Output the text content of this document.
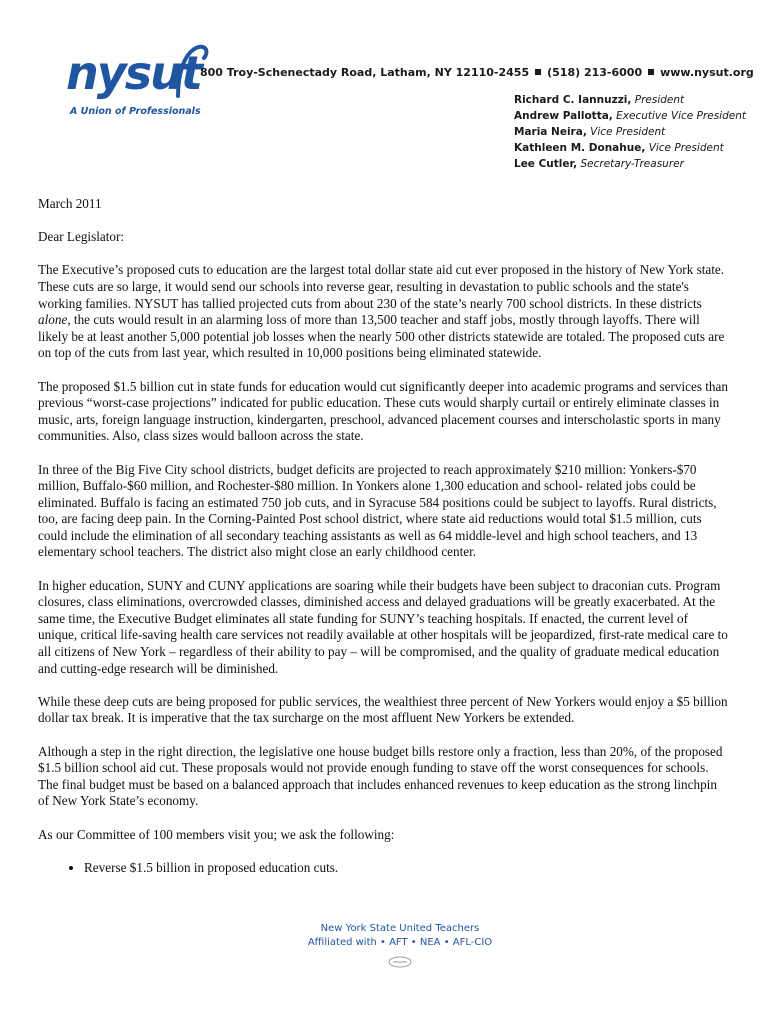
nysut
A Union of Professionals
800 Troy-Schenectady Road, Latham, NY 12110-2455 (518) 213-6000 www.nysut.org
Richard C. Iannuzzi, President
Andrew Pallotta, Executive Vice President
Maria Neira, Vice President
Kathleen M. Donahue, Vice President
Lee Cutler, Secretary-Treasurer

March 2011

Dear Legislator:

The Executive’s proposed cuts to education are the largest total dollar state aid cut ever proposed in the history of New York state. These cuts are so large, it would send our schools into reverse gear, resulting in devastation to public schools and the state's working families. NYSUT has tallied projected cuts from about 230 of the state’s nearly 700 school districts. In these districts alone, the cuts would result in an alarming loss of more than 13,500 teacher and staff jobs, mostly through layoffs. There will likely be at least another 5,000 potential job losses when the nearly 500 other districts statewide are totaled. The proposed cuts are on top of the cuts from last year, which resulted in 10,000 positions being eliminated statewide.

The proposed $1.5 billion cut in state funds for education would cut significantly deeper into academic programs and services than previous “worst-case projections” indicated for public education. These cuts would sharply curtail or entirely eliminate classes in music, arts, foreign language instruction, kindergarten, preschool, advanced placement courses and interscholastic sports in many communities. Also, class sizes would balloon across the state.

In three of the Big Five City school districts, budget deficits are projected to reach approximately $210 million: Yonkers-$70 million, Buffalo-$60 million, and Rochester-$80 million. In Yonkers alone 1,300 education and school- related jobs could be eliminated. Buffalo is facing an estimated 750 job cuts, and in Syracuse 584 positions could be subject to layoffs. Rural districts, too, are facing deep pain. In the Corning-Painted Post school district, where state aid reductions would total $1.5 million, cuts could include the elimination of all secondary teaching assistants as well as 64 middle-level and high school teachers, and 13 elementary school teachers. The district also might close an early childhood center.

In higher education, SUNY and CUNY applications are soaring while their budgets have been subject to draconian cuts. Program closures, class eliminations, overcrowded classes, diminished access and delayed graduations will be greatly exacerbated. At the same time, the Executive Budget eliminates all state funding for SUNY’s teaching hospitals. If enacted, the current level of unique, critical life-saving health care services not readily available at other hospitals will be jeopardized, first-rate medical care to all citizens of New York – regardless of their ability to pay – will be compromised, and the quality of graduate medical education and cutting-edge research will be diminished.

While these deep cuts are being proposed for public services, the wealthiest three percent of New Yorkers would enjoy a $5 billion dollar tax break. It is imperative that the tax surcharge on the most affluent New Yorkers be extended.

Although a step in the right direction, the legislative one house budget bills restore only a fraction, less than 20%, of the proposed $1.5 billion school aid cut. These proposals would not provide enough funding to stave off the worst consequences for schools. The final budget must be based on a balanced approach that includes enhanced revenues to keep education as the strong linchpin of New York State’s economy.

As our Committee of 100 members visit you; we ask the following:

• Reverse $1.5 billion in proposed education cuts.
New York State United Teachers
Affiliated with • AFT • NEA • AFL-CIO
